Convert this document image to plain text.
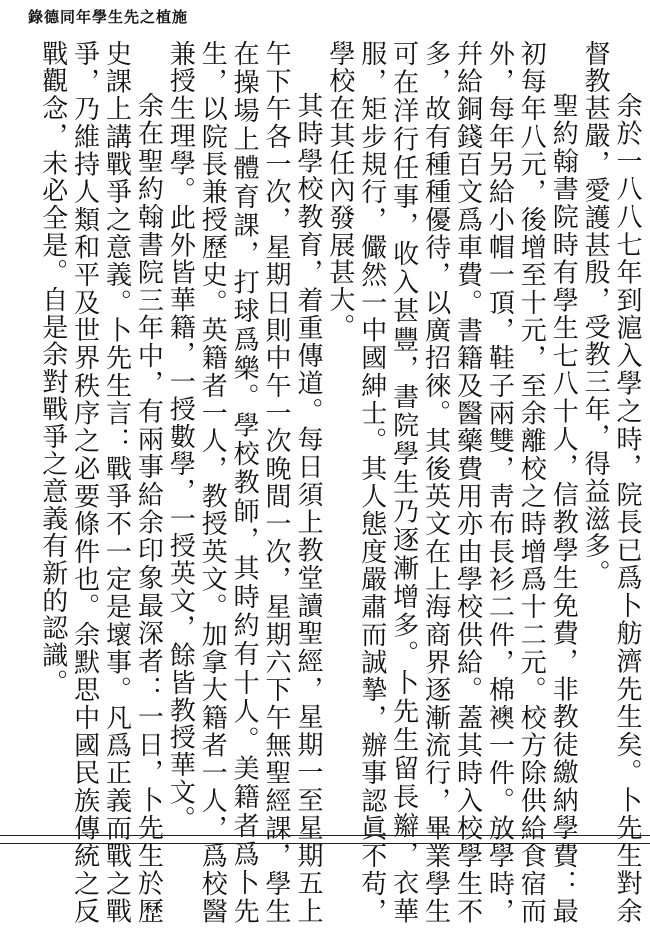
錄德同年學生先之植施

余於一八八七年到滬入學之時，院長已爲卜舫濟先生矣。卜先生對余督教甚嚴，愛護甚殷，受教三年，得益滋多。

聖約翰書院時有學生七八十人，信教學生免費，非教徒繳納學費：最初每年八元，後增至十元，至余離校之時增爲十二元。校方除供給食宿而外，每年另給小帽一頂，鞋子兩雙，靑布長衫二件，棉襖一件。放學時，幷給銅錢百文爲車費。書籍及醫藥費用亦由學校供給。蓋其時入校學生不多，故有種種優待，以廣招徠。其後英文在上海商界逐漸流行，畢業學生可在洋行任事，收入甚豐，書院學生乃逐漸增多。卜先生留長辮，衣華服，矩步規行，儼然一中國紳士。其人態度嚴肅而誠摯，辦事認眞不苟，學校在其任內發展甚大。

其時學校教育，着重傳道。每日須上教堂讀聖經，星期一至星期五上午下午各一次，星期日則中午一次晚間一次，星期六下午無聖經課，學生在操場上體育課，打球爲樂。學校教師，其時約有十人。美籍者爲卜先生，以院長兼授歷史。英籍者一人，教授英文。加拿大籍者一人，爲校醫兼授生理學。此外皆華籍，一授數學，一授英文，餘皆教授華文。

余在聖約翰書院三年中，有兩事給余印象最深者：一日，卜先生於歷史課上講戰爭之意義。卜先生言：戰爭不一定是壞事。凡爲正義而戰之戰爭，乃維持人類和平及世界秩序之必要條件也。余默思中國民族傳統之反戰觀念，未必全是。自是余對戰爭之意義有新的認識。
